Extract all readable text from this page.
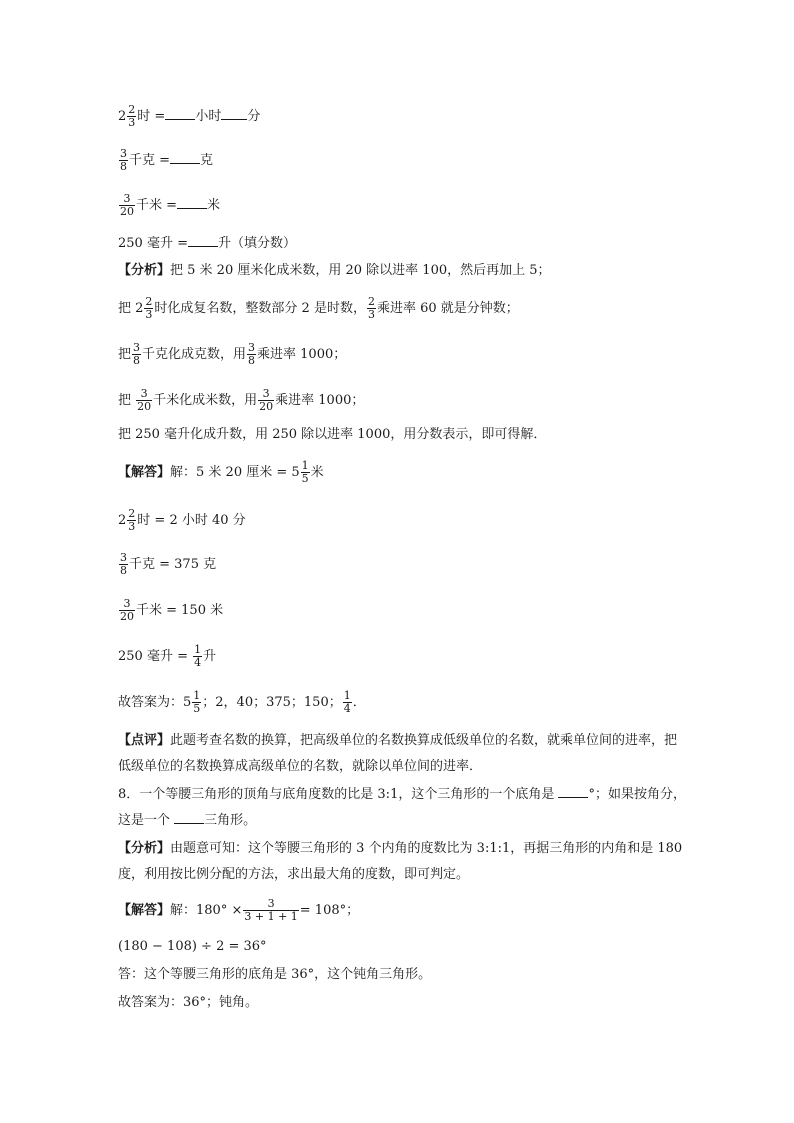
$2 \frac{2}{3}$ 时 = 小时 分
$\frac{3}{8}$ 千克 = 克
$\frac{3}{20}$ 千米 = 米
250 毫升 = 升（填分数）
【分析】把 5 米 20 厘米化成米数，用 20 除以进率 100，然后再加上 5；
把 $2 \frac{2}{3}$ 时化成复名数，整数部分 2 是时数， $\frac{2}{3}$ 乘进率 60 就是分钟数；
把 $\frac{3}{8}$ 千克化成克数，用 $\frac{3}{8}$ 乘进率 1000；
把 $\frac{3}{20}$ 千米化成米数，用 $\frac{3}{20}$ 乘进率 1000；
把 250 毫升化成升数，用 250 除以进率 1000，用分数表示，即可得解．
【解答】解：5 米 20 厘米 = $5 \frac{1}{5}$ 米
$2 \frac{2}{3}$ 时 = 2 小时 40 分
$\frac{3}{8}$ 千克 = 375 克
$\frac{3}{20}$ 千米 = 150 米
250 毫升 = $\frac{1}{4}$ 升
故答案为：$5 \frac{1}{5}$ ；2，40；375；150； $\frac{1}{4}$ ．
【点评】此题考查名数的换算，把高级单位的名数换算成低级单位的名数，就乘单位间的进率，把低级单位的名数换算成高级单位的名数，就除以单位间的进率．
8．一个等腰三角形的顶角与底角度数的比是 3:1，这个三角形的一个底角是 °；如果按角分，这是一个 三角形。
【分析】由题意可知：这个等腰三角形的 3 个内角的度数比为 3:1:1，再据三角形的内角和是 180 度，利用按比例分配的方法，求出最大角的度数，即可判定。
【解答】解：$180^\circ \times \frac{3}{3 + 1 + 1} = 108^\circ$；
(180 − 108) ÷ 2 = 36°
答：这个等腰三角形的底角是 36°，这个钝角三角形。
故答案为：36°；钝角。
